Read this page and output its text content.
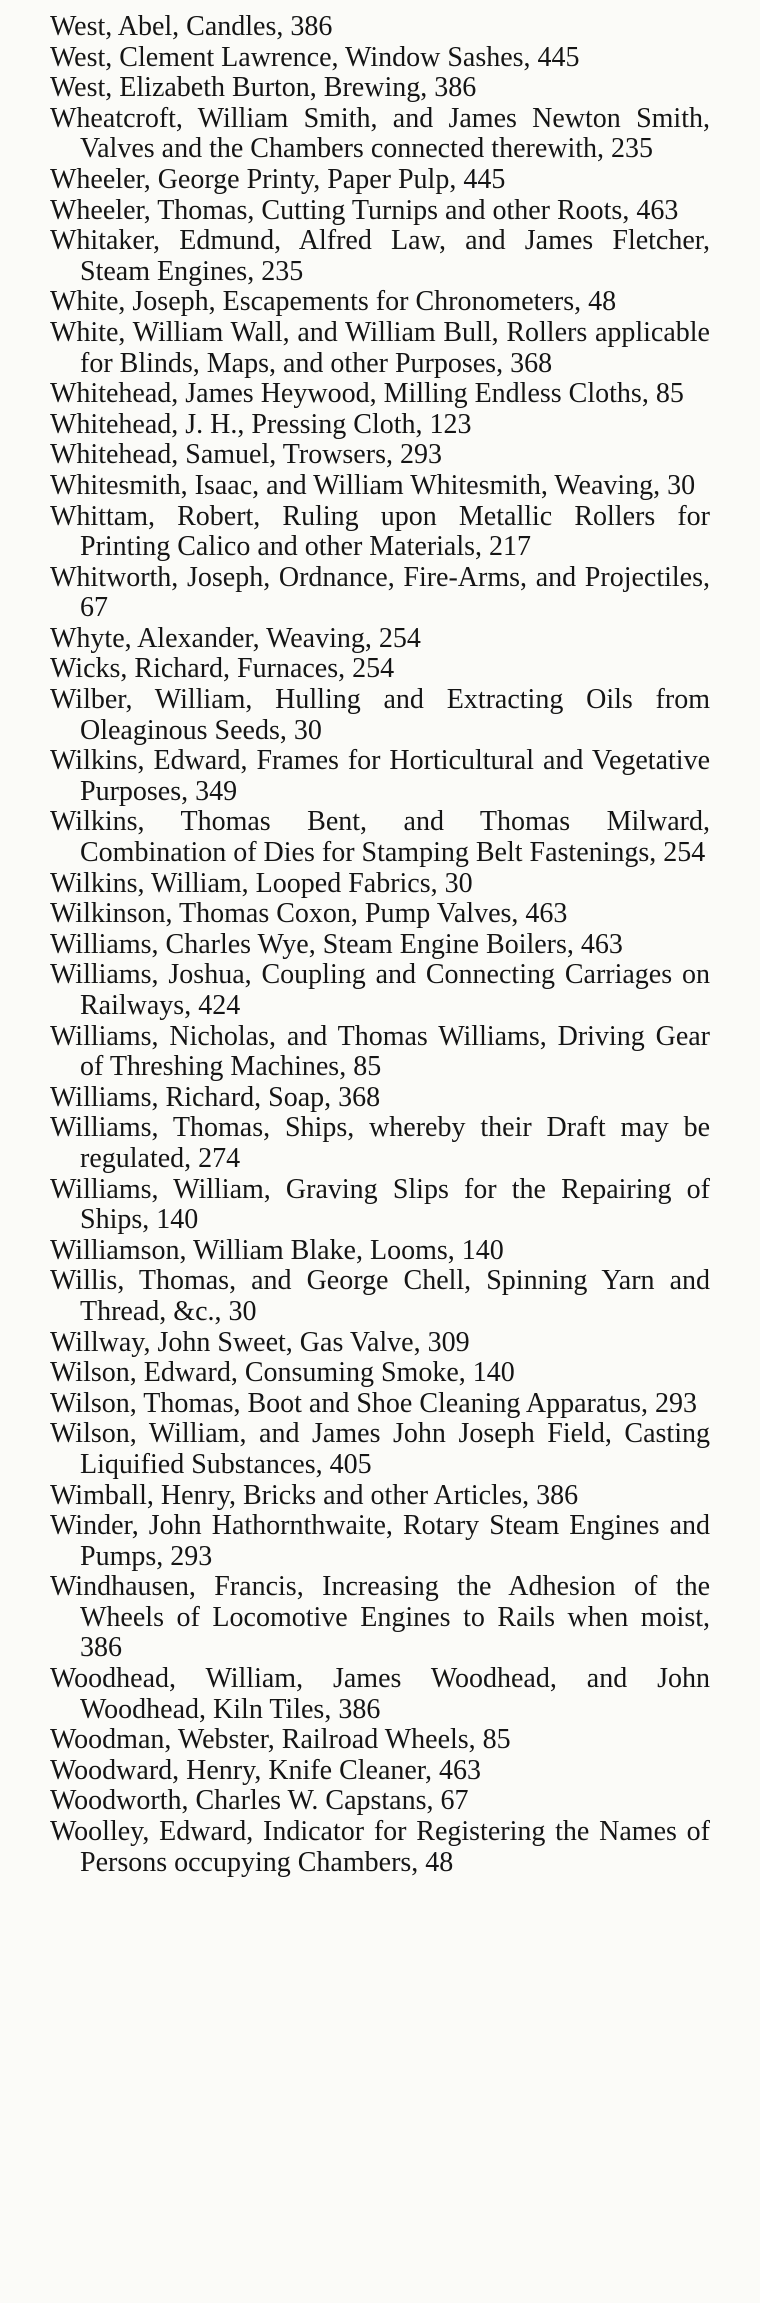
West, Abel, Candles, 386

West, Clement Lawrence, Window Sashes, 445

West, Elizabeth Burton, Brewing, 386

Wheatcroft, William Smith, and James Newton Smith, Valves and the Chambers connected therewith, 235

Wheeler, George Printy, Paper Pulp, 445

Wheeler, Thomas, Cutting Turnips and other Roots, 463

Whitaker, Edmund, Alfred Law, and James Fletcher, Steam Engines, 235

White, Joseph, Escapements for Chronometers, 48

White, William Wall, and William Bull, Rollers applicable for Blinds, Maps, and other Purposes, 368

Whitehead, James Heywood, Milling Endless Cloths, 85

Whitehead, J. H., Pressing Cloth, 123

Whitehead, Samuel, Trowsers, 293

Whitesmith, Isaac, and William Whitesmith, Weaving, 30

Whittam, Robert, Ruling upon Metallic Rollers for Printing Calico and other Materials, 217

Whitworth, Joseph, Ordnance, Fire-Arms, and Projectiles, 67

Whyte, Alexander, Weaving, 254

Wicks, Richard, Furnaces, 254

Wilber, William, Hulling and Extracting Oils from Oleaginous Seeds, 30

Wilkins, Edward, Frames for Horticultural and Vegetative Purposes, 349

Wilkins, Thomas Bent, and Thomas Milward, Combination of Dies for Stamping Belt Fastenings, 254

Wilkins, William, Looped Fabrics, 30

Wilkinson, Thomas Coxon, Pump Valves, 463

Williams, Charles Wye, Steam Engine Boilers, 463

Williams, Joshua, Coupling and Connecting Carriages on Railways, 424

Williams, Nicholas, and Thomas Williams, Driving Gear of Threshing Machines, 85

Williams, Richard, Soap, 368

Williams, Thomas, Ships, whereby their Draft may be regulated, 274

Williams, William, Graving Slips for the Repairing of Ships, 140

Williamson, William Blake, Looms, 140

Willis, Thomas, and George Chell, Spinning Yarn and Thread, &c., 30

Willway, John Sweet, Gas Valve, 309

Wilson, Edward, Consuming Smoke, 140

Wilson, Thomas, Boot and Shoe Cleaning Apparatus, 293

Wilson, William, and James John Joseph Field, Casting Liquified Substances, 405

Wimball, Henry, Bricks and other Articles, 386

Winder, John Hathornthwaite, Rotary Steam Engines and Pumps, 293

Windhausen, Francis, Increasing the Adhesion of the Wheels of Locomotive Engines to Rails when moist, 386

Woodhead, William, James Woodhead, and John Woodhead, Kiln Tiles, 386

Woodman, Webster, Railroad Wheels, 85

Woodward, Henry, Knife Cleaner, 463

Woodworth, Charles W. Capstans, 67

Woolley, Edward, Indicator for Registering the Names of Persons occupying Chambers, 48
